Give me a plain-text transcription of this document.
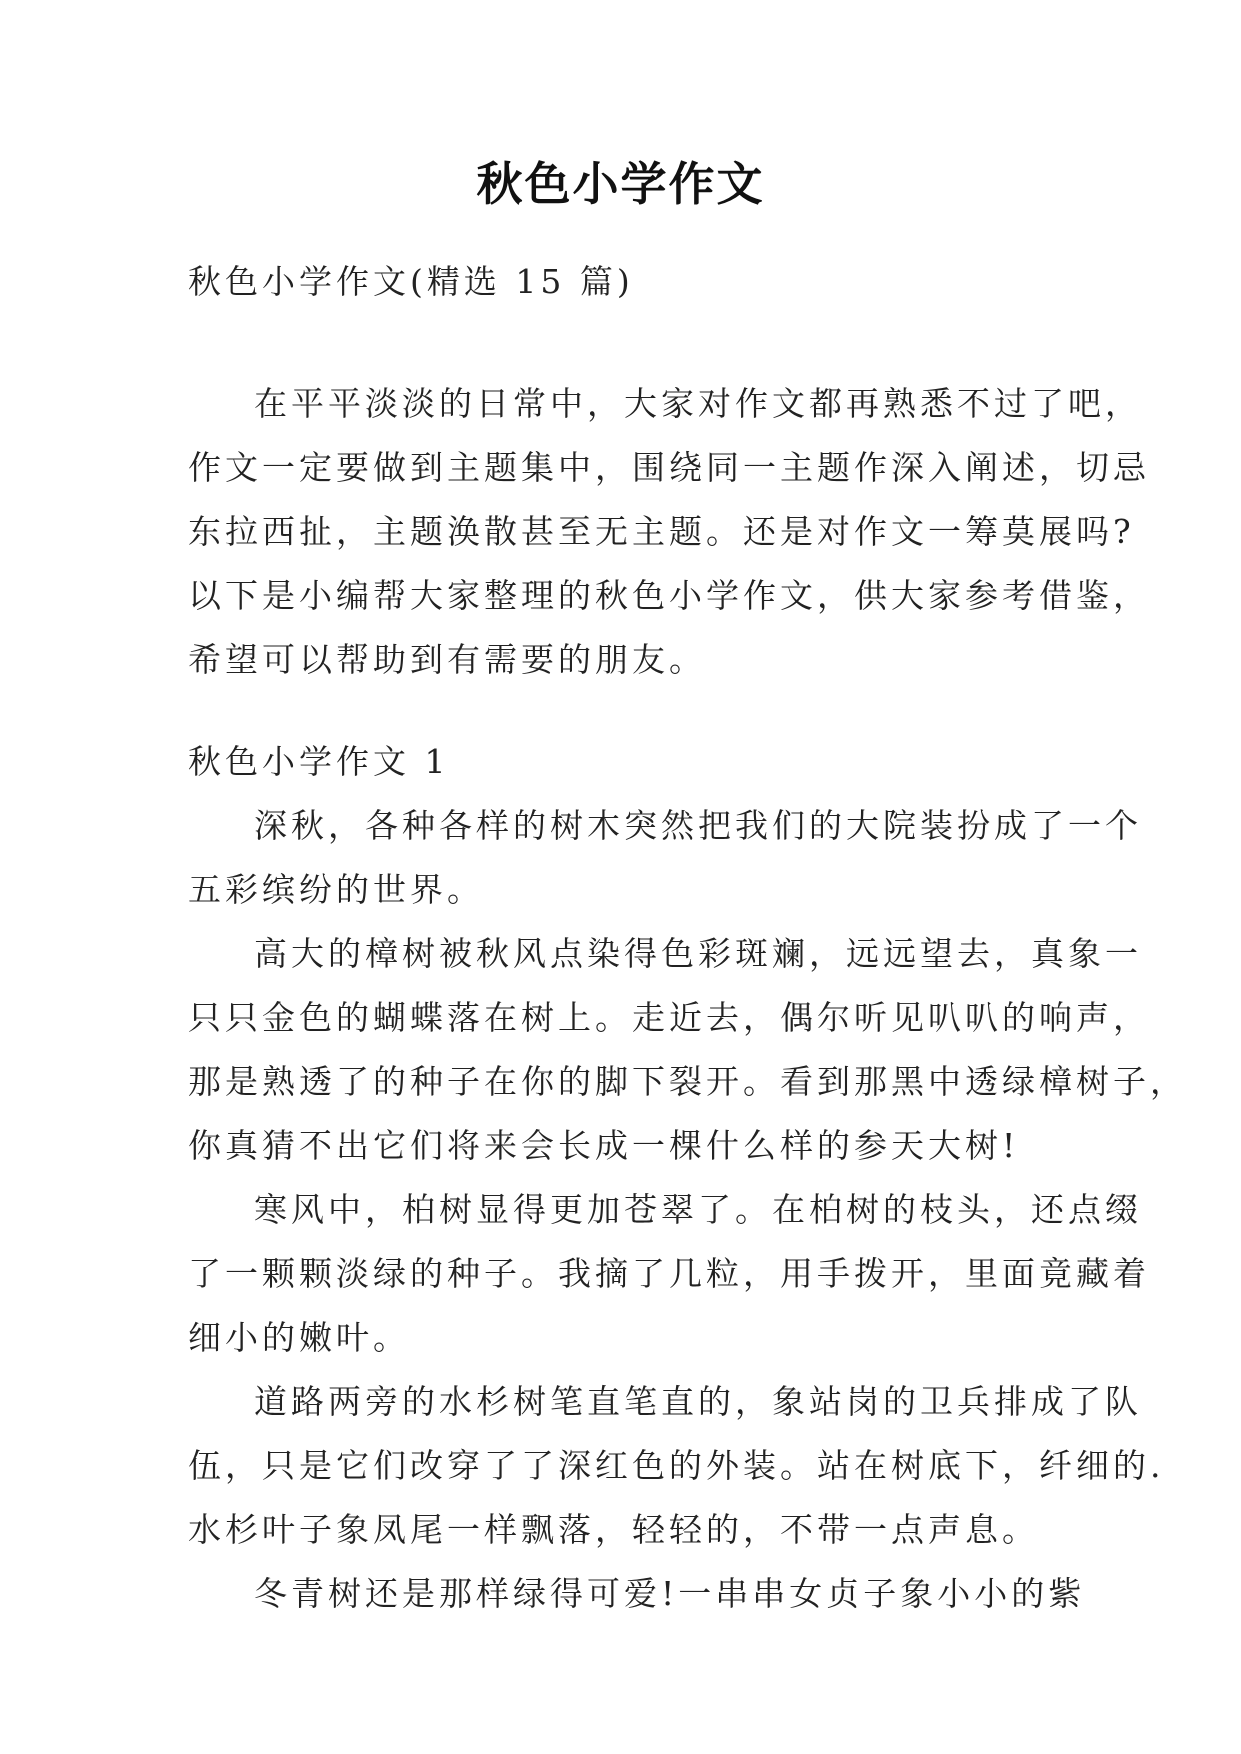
秋色小学作文
秋色小学作文(精选 15 篇)
在平平淡淡的日常中，大家对作文都再熟悉不过了吧，
作文一定要做到主题集中，围绕同一主题作深入阐述，切忌
东拉西扯，主题涣散甚至无主题。还是对作文一筹莫展吗?
以下是小编帮大家整理的秋色小学作文，供大家参考借鉴，
希望可以帮助到有需要的朋友。
秋色小学作文 1
深秋，各种各样的树木突然把我们的大院装扮成了一个
五彩缤纷的世界。
高大的樟树被秋风点染得色彩斑斓，远远望去，真象一
只只金色的蝴蝶落在树上。走近去，偶尔听见叭叭的响声，
那是熟透了的种子在你的脚下裂开。看到那黑中透绿樟树子，
你真猜不出它们将来会长成一棵什么样的参天大树!
寒风中，柏树显得更加苍翠了。在柏树的枝头，还点缀
了一颗颗淡绿的种子。我摘了几粒，用手拨开，里面竟藏着
细小的嫩叶。
道路两旁的水杉树笔直笔直的，象站岗的卫兵排成了队
伍，只是它们改穿了了深红色的外装。站在树底下，纤细的.
水杉叶子象凤尾一样飘落，轻轻的，不带一点声息。
冬青树还是那样绿得可爱!一串串女贞子象小小的紫
